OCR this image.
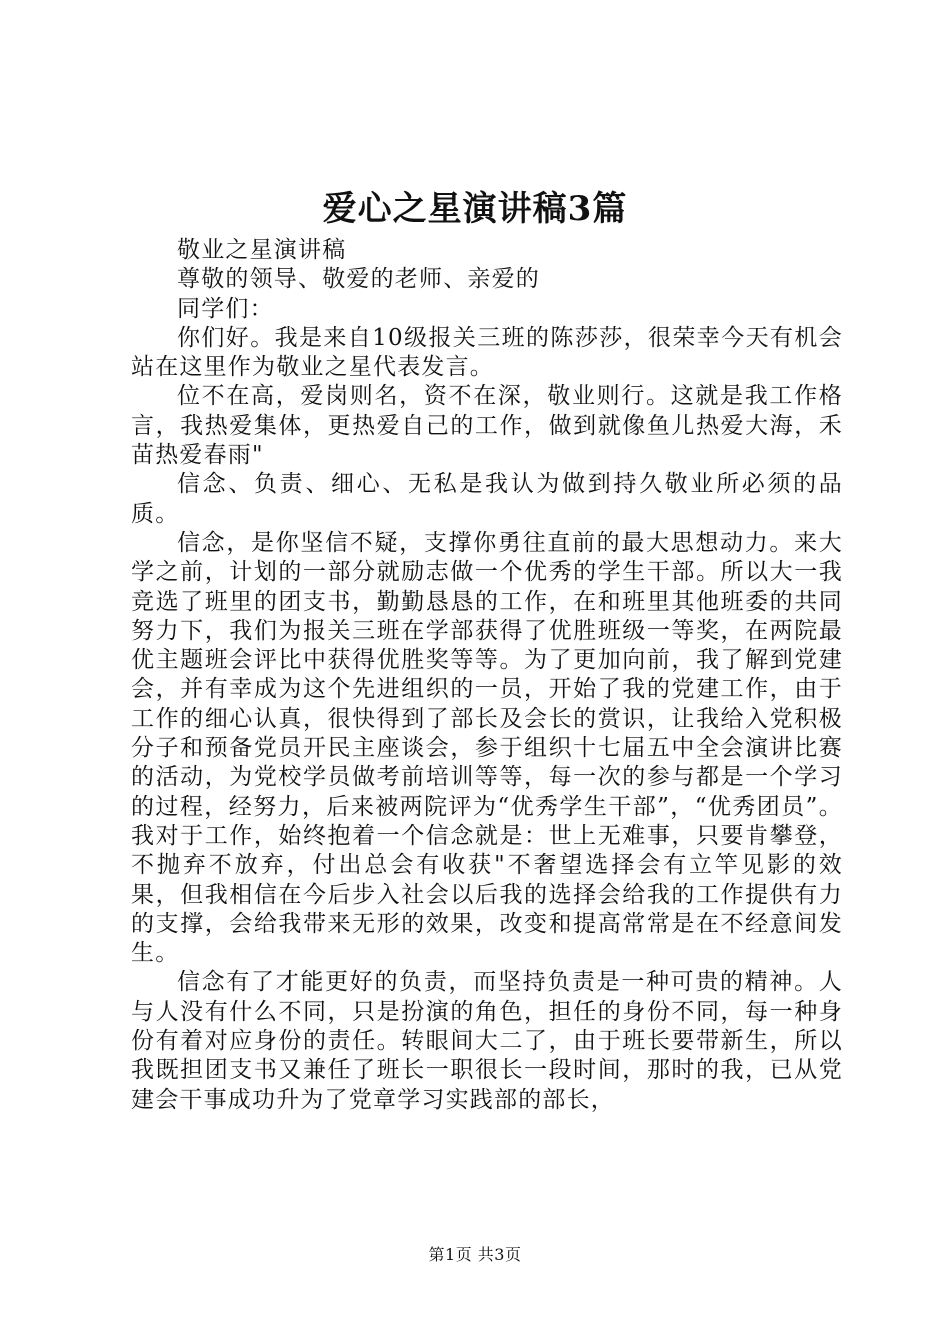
爱心之星演讲稿3篇

敬业之星演讲稿

尊敬的领导、敬爱的老师、亲爱的

同学们：

你们好。我是来自10级报关三班的陈莎莎，很荣幸今天有机会站在这里作为敬业之星代表发言。

位不在高，爱岗则名，资不在深，敬业则行。这就是我工作格言，我热爱集体，更热爱自己的工作，做到就像鱼儿热爱大海，禾苗热爱春雨"

信念、负责、细心、无私是我认为做到持久敬业所必须的品质。

信念，是你坚信不疑，支撑你勇往直前的最大思想动力。来大学之前，计划的一部分就励志做一个优秀的学生干部。所以大一我竞选了班里的团支书，勤勤恳恳的工作，在和班里其他班委的共同努力下，我们为报关三班在学部获得了优胜班级一等奖，在两院最优主题班会评比中获得优胜奖等等。为了更加向前，我了解到党建会，并有幸成为这个先进组织的一员，开始了我的党建工作，由于工作的细心认真，很快得到了部长及会长的赏识，让我给入党积极分子和预备党员开民主座谈会，参于组织十七届五中全会演讲比赛的活动，为党校学员做考前培训等等，每一次的参与都是一个学习的过程，经努力，后来被两院评为“优秀学生干部”，“优秀团员”。我对于工作，始终抱着一个信念就是：世上无难事，只要肯攀登，不抛弃不放弃，付出总会有收获"不奢望选择会有立竿见影的效果，但我相信在今后步入社会以后我的选择会给我的工作提供有力的支撑，会给我带来无形的效果，改变和提高常常是在不经意间发生。

信念有了才能更好的负责，而坚持负责是一种可贵的精神。人与人没有什么不同，只是扮演的角色，担任的身份不同，每一种身份有着对应身份的责任。转眼间大二了，由于班长要带新生，所以我既担团支书又兼任了班长一职很长一段时间，那时的我，已从党建会干事成功升为了党章学习实践部的部长，

第1页 共3页
